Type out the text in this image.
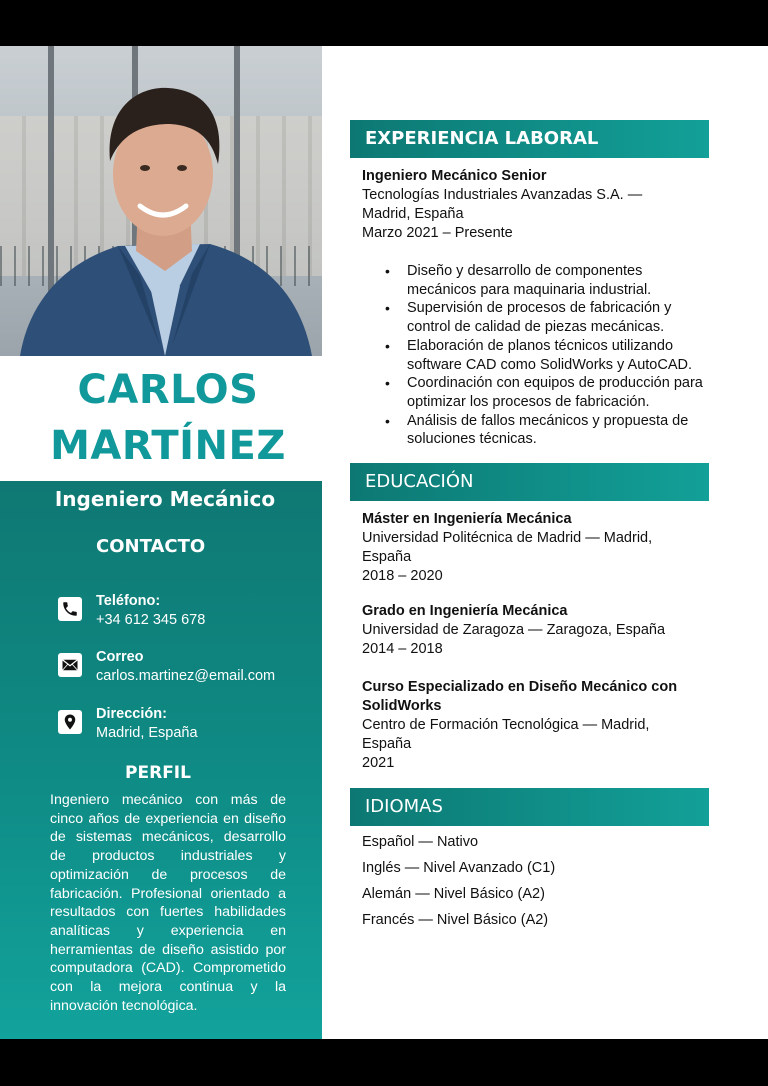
CARLOS
MARTÍNEZ
Ingeniero Mecánico
CONTACTO
Teléfono:
+34 612 345 678
Correo
carlos.martinez@email.com
Dirección:
Madrid, España
PERFIL
Ingeniero mecánico con más de cinco años de experiencia en diseño de sistemas mecánicos, desarrollo de productos industriales y optimización de procesos de fabricación. Profesional orientado a resultados con fuertes habilidades analíticas y experiencia en herramientas de diseño asistido por computadora (CAD). Comprometido con la mejora continua y la innovación tecnológica.
EXPERIENCIA LABORAL
Ingeniero Mecánico Senior
Tecnologías Industriales Avanzadas S.A. —
Madrid, España
Marzo 2021 – Presente
• Diseño y desarrollo de componentes mecánicos para maquinaria industrial.
• Supervisión de procesos de fabricación y control de calidad de piezas mecánicas.
• Elaboración de planos técnicos utilizando software CAD como SolidWorks y AutoCAD.
• Coordinación con equipos de producción para optimizar los procesos de fabricación.
• Análisis de fallos mecánicos y propuesta de soluciones técnicas.
EDUCACIÓN
Máster en Ingeniería Mecánica
Universidad Politécnica de Madrid — Madrid,
España
2018 – 2020
Grado en Ingeniería Mecánica
Universidad de Zaragoza — Zaragoza, España
2014 – 2018
Curso Especializado en Diseño Mecánico con
SolidWorks
Centro de Formación Tecnológica — Madrid,
España
2021
IDIOMAS
Español — Nativo
Inglés — Nivel Avanzado (C1)
Alemán — Nivel Básico (A2)
Francés — Nivel Básico (A2)
